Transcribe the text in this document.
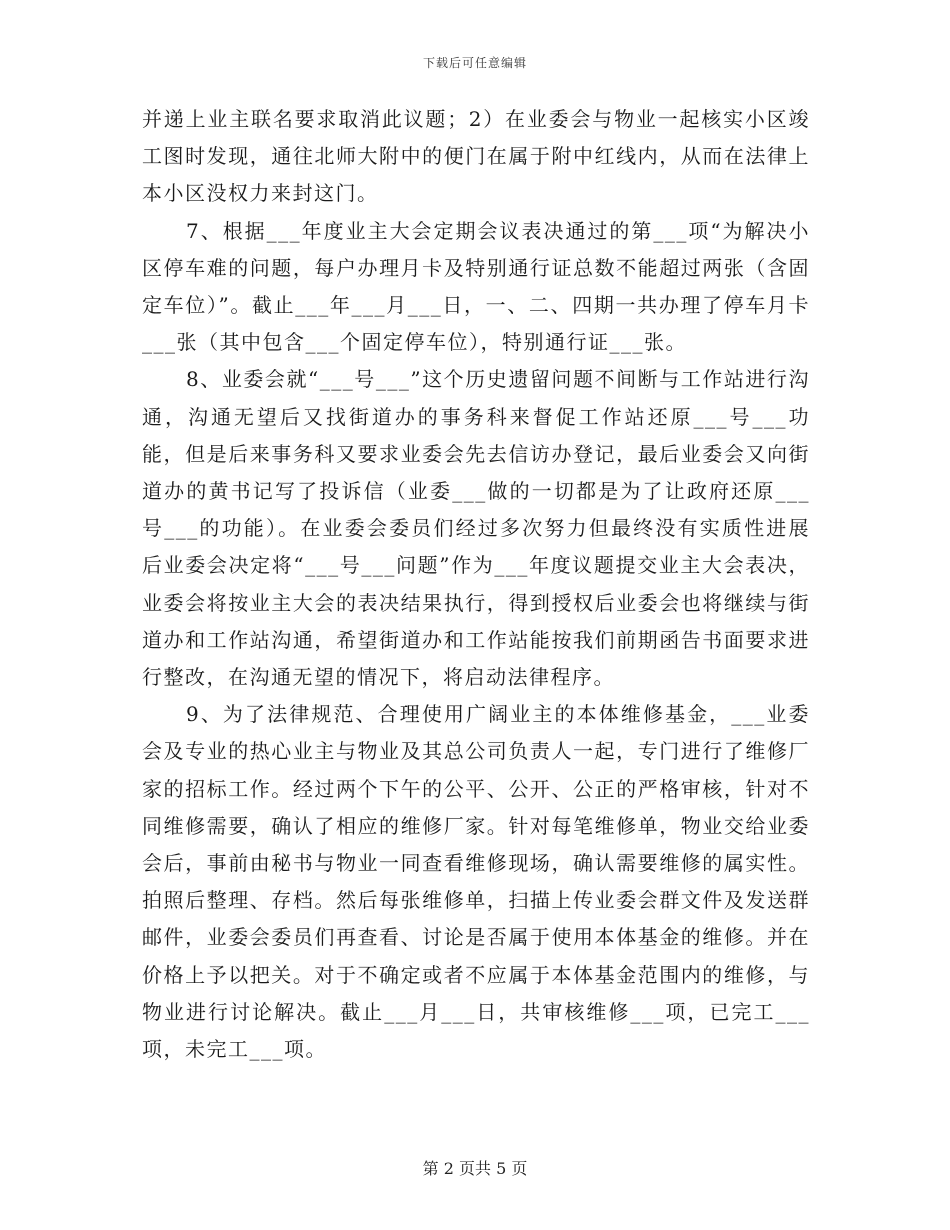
下载后可任意编辑

并递上业主联名要求取消此议题；2）在业委会与物业一起核实小区竣工图时发现，通往北师大附中的便门在属于附中红线内，从而在法律上本小区没权力来封这门。

7、根据___年度业主大会定期会议表决通过的第___项“为解决小区停车难的问题，每户办理月卡及特别通行证总数不能超过两张（含固定车位）”。截止___年___月___日，一、二、四期一共办理了停车月卡___张（其中包含___个固定停车位），特别通行证___张。

8、业委会就“___号___”这个历史遗留问题不间断与工作站进行沟通，沟通无望后又找街道办的事务科来督促工作站还原___号___功能，但是后来事务科又要求业委会先去信访办登记，最后业委会又向街道办的黄书记写了投诉信（业委___做的一切都是为了让政府还原___号___的功能）。在业委会委员们经过多次努力但最终没有实质性进展后业委会决定将“___号___问题”作为___年度议题提交业主大会表决，业委会将按业主大会的表决结果执行，得到授权后业委会也将继续与街道办和工作站沟通，希望街道办和工作站能按我们前期函告书面要求进行整改，在沟通无望的情况下，将启动法律程序。

9、为了法律规范、合理使用广阔业主的本体维修基金，___业委会及专业的热心业主与物业及其总公司负责人一起，专门进行了维修厂家的招标工作。经过两个下午的公平、公开、公正的严格审核，针对不同维修需要，确认了相应的维修厂家。针对每笔维修单，物业交给业委会后，事前由秘书与物业一同查看维修现场，确认需要维修的属实性。拍照后整理、存档。然后每张维修单，扫描上传业委会群文件及发送群邮件，业委会委员们再查看、讨论是否属于使用本体基金的维修。并在价格上予以把关。对于不确定或者不应属于本体基金范围内的维修，与物业进行讨论解决。截止___月___日，共审核维修___项，已完工___项，未完工___项。

第 2 页共 5 页
